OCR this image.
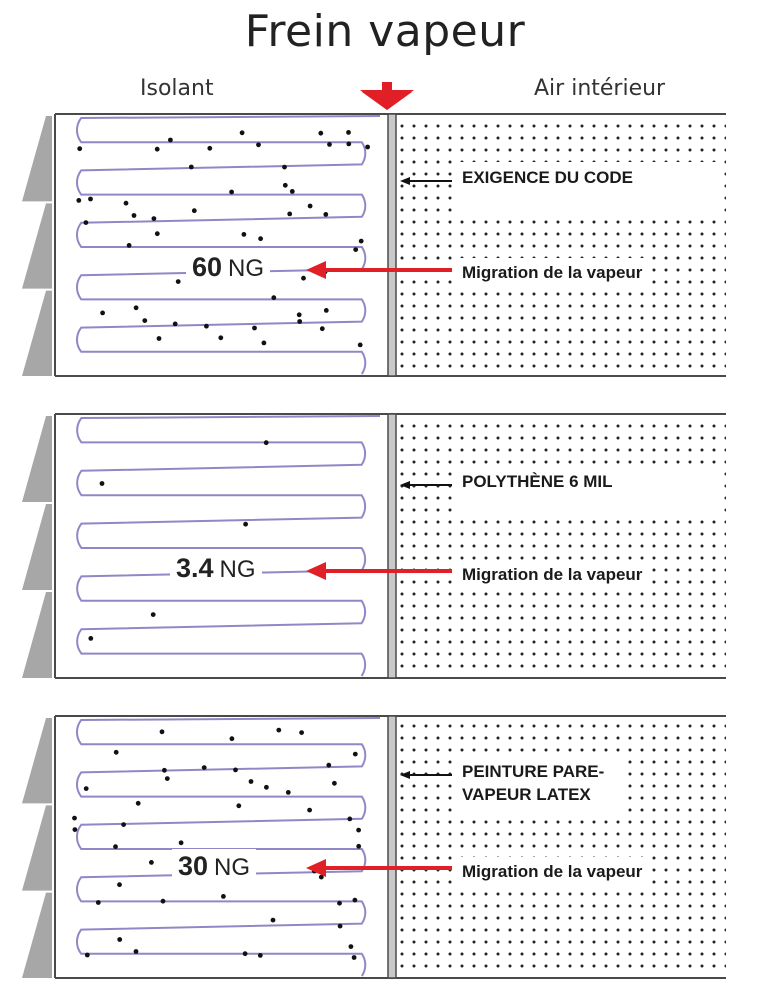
Frein vapeur
Isolant	Air intérieur
EXIGENCE DU CODE
60 NG	Migration de la vapeur
POLYTHÈNE 6 MIL
3.4 NG	Migration de la vapeur
PEINTURE PARE-VAPEUR LATEX
30 NG	Migration de la vapeur
